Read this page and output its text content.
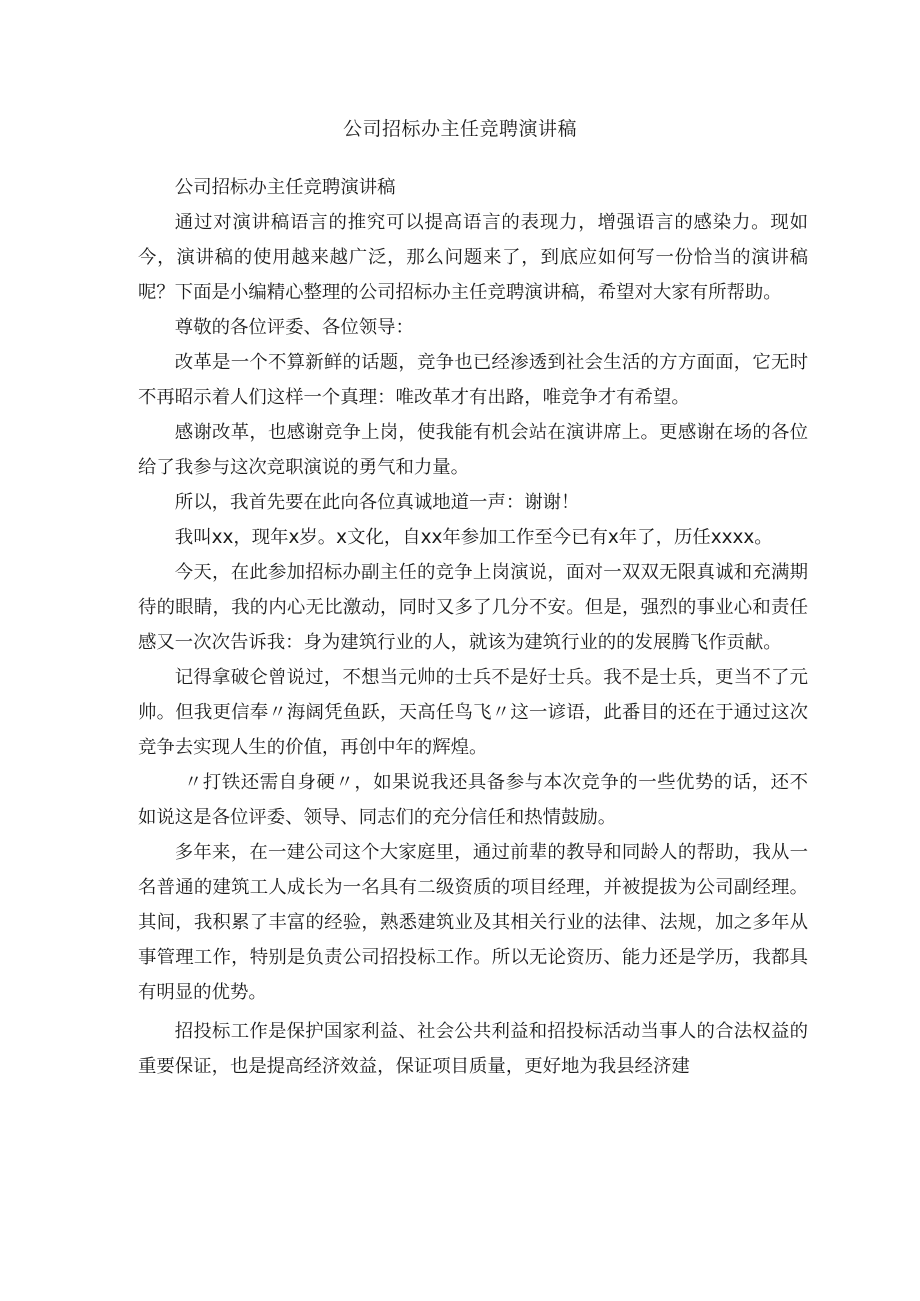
公司招标办主任竞聘演讲稿

公司招标办主任竞聘演讲稿

通过对演讲稿语言的推究可以提高语言的表现力，增强语言的感染力。现如今，演讲稿的使用越来越广泛，那么问题来了，到底应如何写一份恰当的演讲稿呢？下面是小编精心整理的公司招标办主任竞聘演讲稿，希望对大家有所帮助。

尊敬的各位评委、各位领导：

改革是一个不算新鲜的话题，竞争也已经渗透到社会生活的方方面面，它无时不再昭示着人们这样一个真理：唯改革才有出路，唯竞争才有希望。

感谢改革，也感谢竞争上岗，使我能有机会站在演讲席上。更感谢在场的各位给了我参与这次竞职演说的勇气和力量。

所以，我首先要在此向各位真诚地道一声：谢谢！

我叫xx，现年x岁。x文化，自xx年参加工作至今已有x年了，历任xxxx。

今天，在此参加招标办副主任的竞争上岗演说，面对一双双无限真诚和充满期待的眼睛，我的内心无比激动，同时又多了几分不安。但是，强烈的事业心和责任感又一次次告诉我：身为建筑行业的人，就该为建筑行业的的发展腾飞作贡献。

记得拿破仑曾说过，不想当元帅的士兵不是好士兵。我不是士兵，更当不了元帅。但我更信奉〃海阔凭鱼跃，天高任鸟飞〃这一谚语，此番目的还在于通过这次竞争去实现人生的价值，再创中年的辉煌。

〃打铁还需自身硬〃，如果说我还具备参与本次竞争的一些优势的话，还不如说这是各位评委、领导、同志们的充分信任和热情鼓励。

多年来，在一建公司这个大家庭里，通过前辈的教导和同龄人的帮助，我从一名普通的建筑工人成长为一名具有二级资质的项目经理，并被提拔为公司副经理。其间，我积累了丰富的经验，熟悉建筑业及其相关行业的法律、法规，加之多年从事管理工作，特别是负责公司招投标工作。所以无论资历、能力还是学历，我都具有明显的优势。

招投标工作是保护国家利益、社会公共利益和招投标活动当事人的合法权益的重要保证，也是提高经济效益，保证项目质量，更好地为我县经济建
